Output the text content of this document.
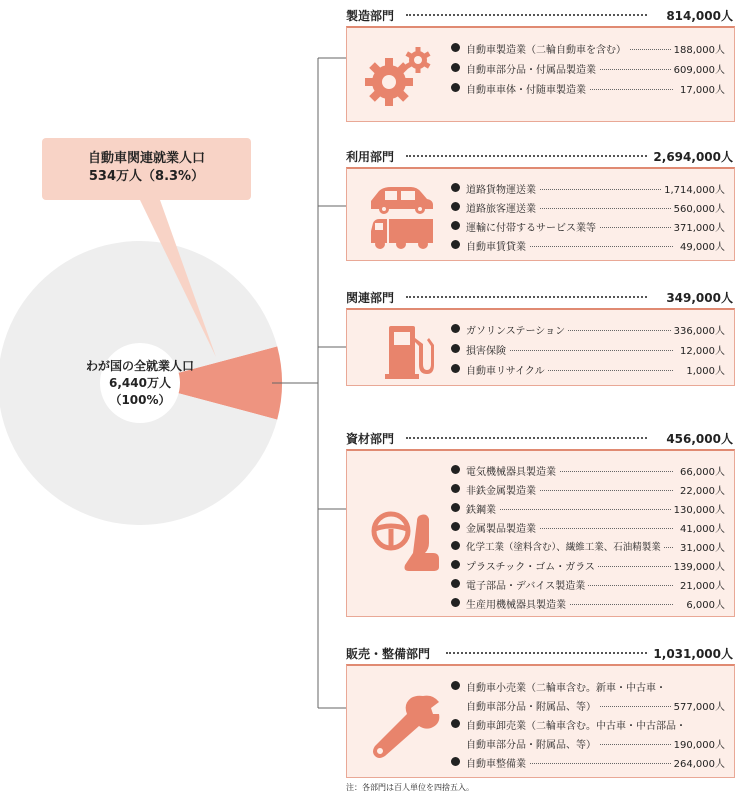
自動車関連就業人口
534万人（8.3%）
わが国の全就業人口
6,440万人
（100%）
製造部門	814,000人
自動車製造業（二輪自動車を含む）	188,000人
自動車部分品・付属品製造業	609,000人
自動車車体・付随車製造業	17,000人
利用部門	2,694,000人
道路貨物運送業	1,714,000人
道路旅客運送業	560,000人
運輸に付帯するサービス業等	371,000人
自動車賃貸業	49,000人
関連部門	349,000人
ガソリンステーション	336,000人
損害保険	12,000人
自動車リサイクル	1,000人
資材部門	456,000人
電気機械器具製造業	66,000人
非鉄金属製造業	22,000人
鉄鋼業	130,000人
金属製品製造業	41,000人
化学工業（塗料含む）、繊維工業、石油精製業	31,000人
プラスチック・ゴム・ガラス	139,000人
電子部品・デバイス製造業	21,000人
生産用機械器具製造業	6,000人
販売・整備部門	1,031,000人
自動車小売業（二輪車含む。新車・中古車・
自動車部分品・附属品、等）	577,000人
自動車卸売業（二輪車含む。中古車・中古部品・
自動車部分品・附属品、等）	190,000人
自動車整備業	264,000人
注：各部門は百人単位を四捨五入。
